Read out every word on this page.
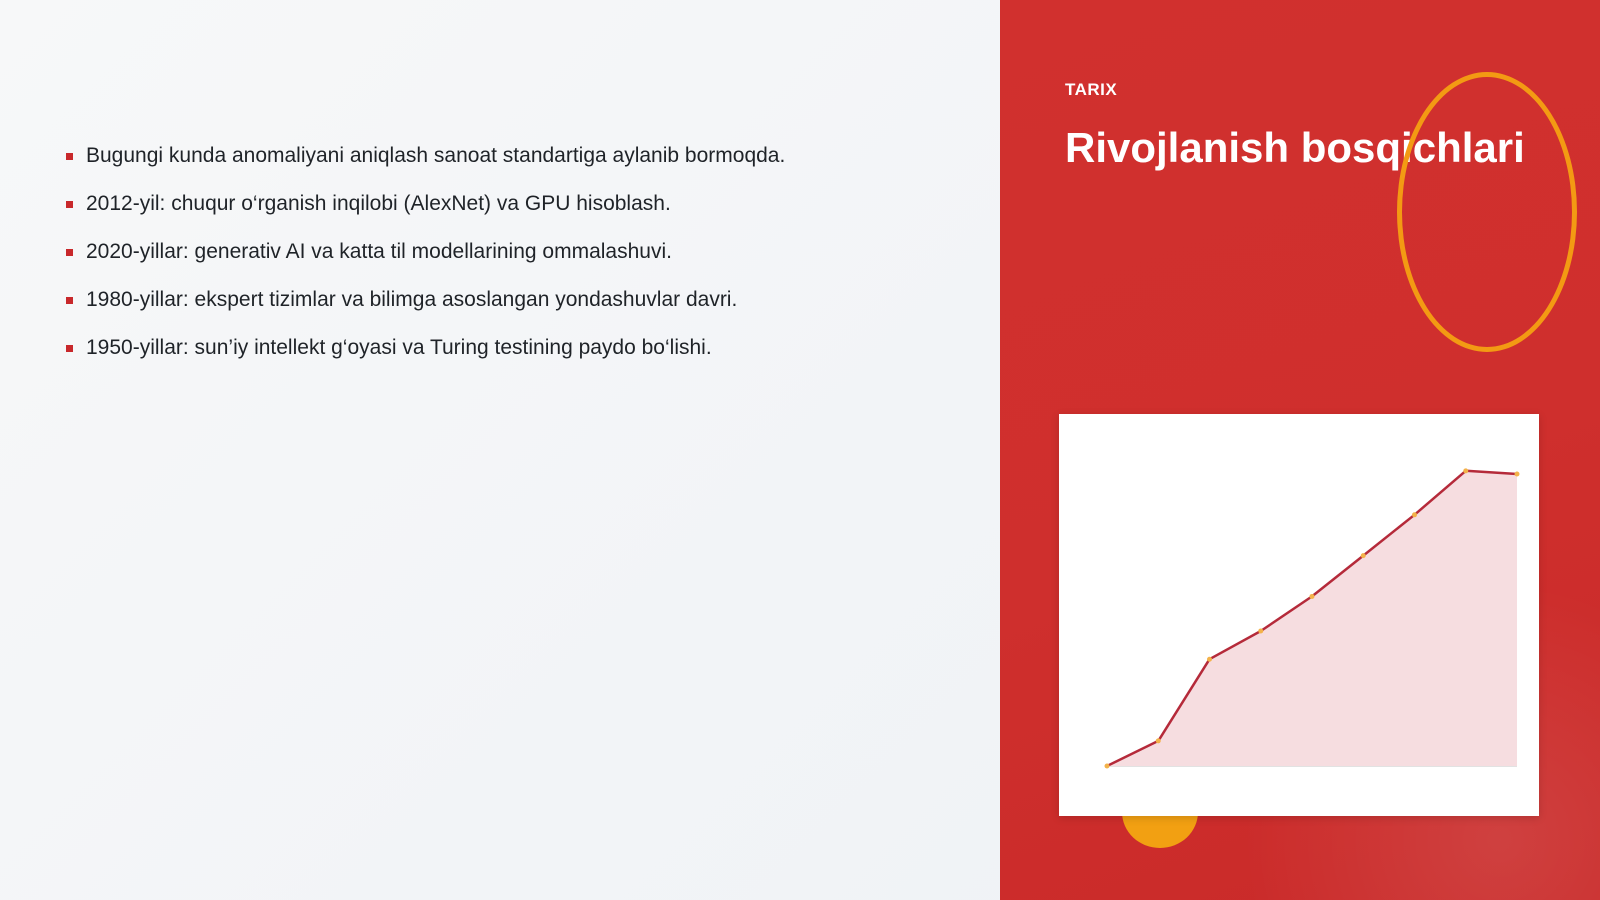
Bugungi kunda anomaliyani aniqlash sanoat standartiga aylanib bormoqda.
2012-yil: chuqur o‘rganish inqilobi (AlexNet) va GPU hisoblash.
2020-yillar: generativ AI va katta til modellarining ommalashuvi.
1980-yillar: ekspert tizimlar va bilimga asoslangan yondashuvlar davri.
1950-yillar: sun’iy intellekt g‘oyasi va Turing testining paydo bo‘lishi.
TARIX
Rivojlanish bosqichlari
